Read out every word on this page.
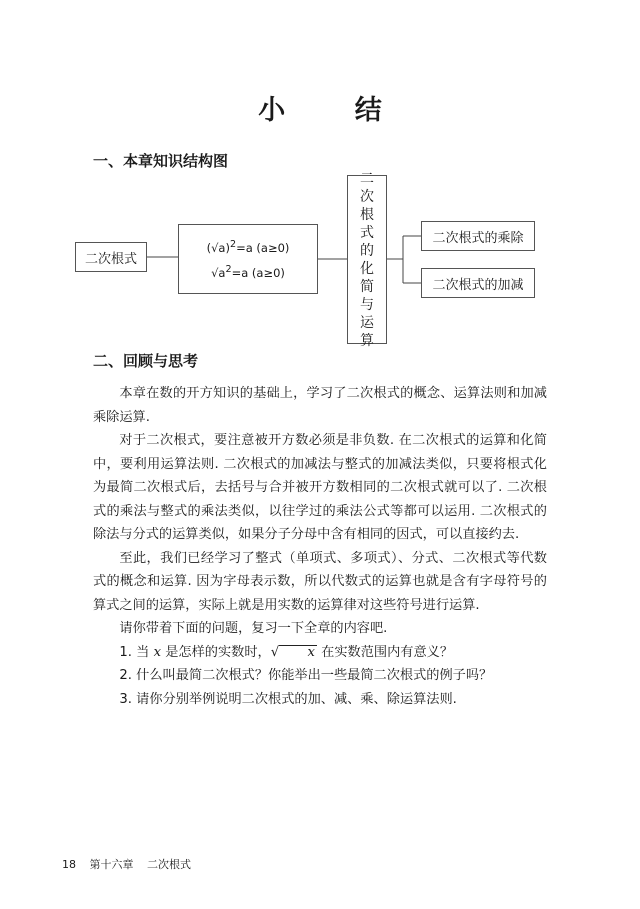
小 结
一、本章知识结构图
二次根式
$(√a)^2=a$ (a≥0)
$√a^2=a$ (a≥0)
二
次
根
式
的
化
简
与
运
算
二次根式的乘除
二次根式的加减
二、回顾与思考

本章在数的开方知识的基础上，学习了二次根式的概念、运算法则和加减乘除运算.

对于二次根式，要注意被开方数必须是非负数. 在二次根式的运算和化简中，要利用运算法则. 二次根式的加减法与整式的加减法类似，只要将根式化为最简二次根式后，去括号与合并被开方数相同的二次根式就可以了. 二次根式的乘法与整式的乘法类似，以往学过的乘法公式等都可以运用. 二次根式的除法与分式的运算类似，如果分子分母中含有相同的因式，可以直接约去.

至此，我们已经学习了整式（单项式、多项式）、分式、二次根式等代数式的概念和运算. 因为字母表示数，所以代数式的运算也就是含有字母符号的算式之间的运算，实际上就是用实数的运算律对这些符号进行运算.

请你带着下面的问题，复习一下全章的内容吧.

1. 当 x 是怎样的实数时，√ x 在实数范围内有意义？

2. 什么叫最简二次根式？你能举出一些最简二次根式的例子吗？

3. 请你分别举例说明二次根式的加、减、乘、除运算法则.

18 第十六章 二次根式
